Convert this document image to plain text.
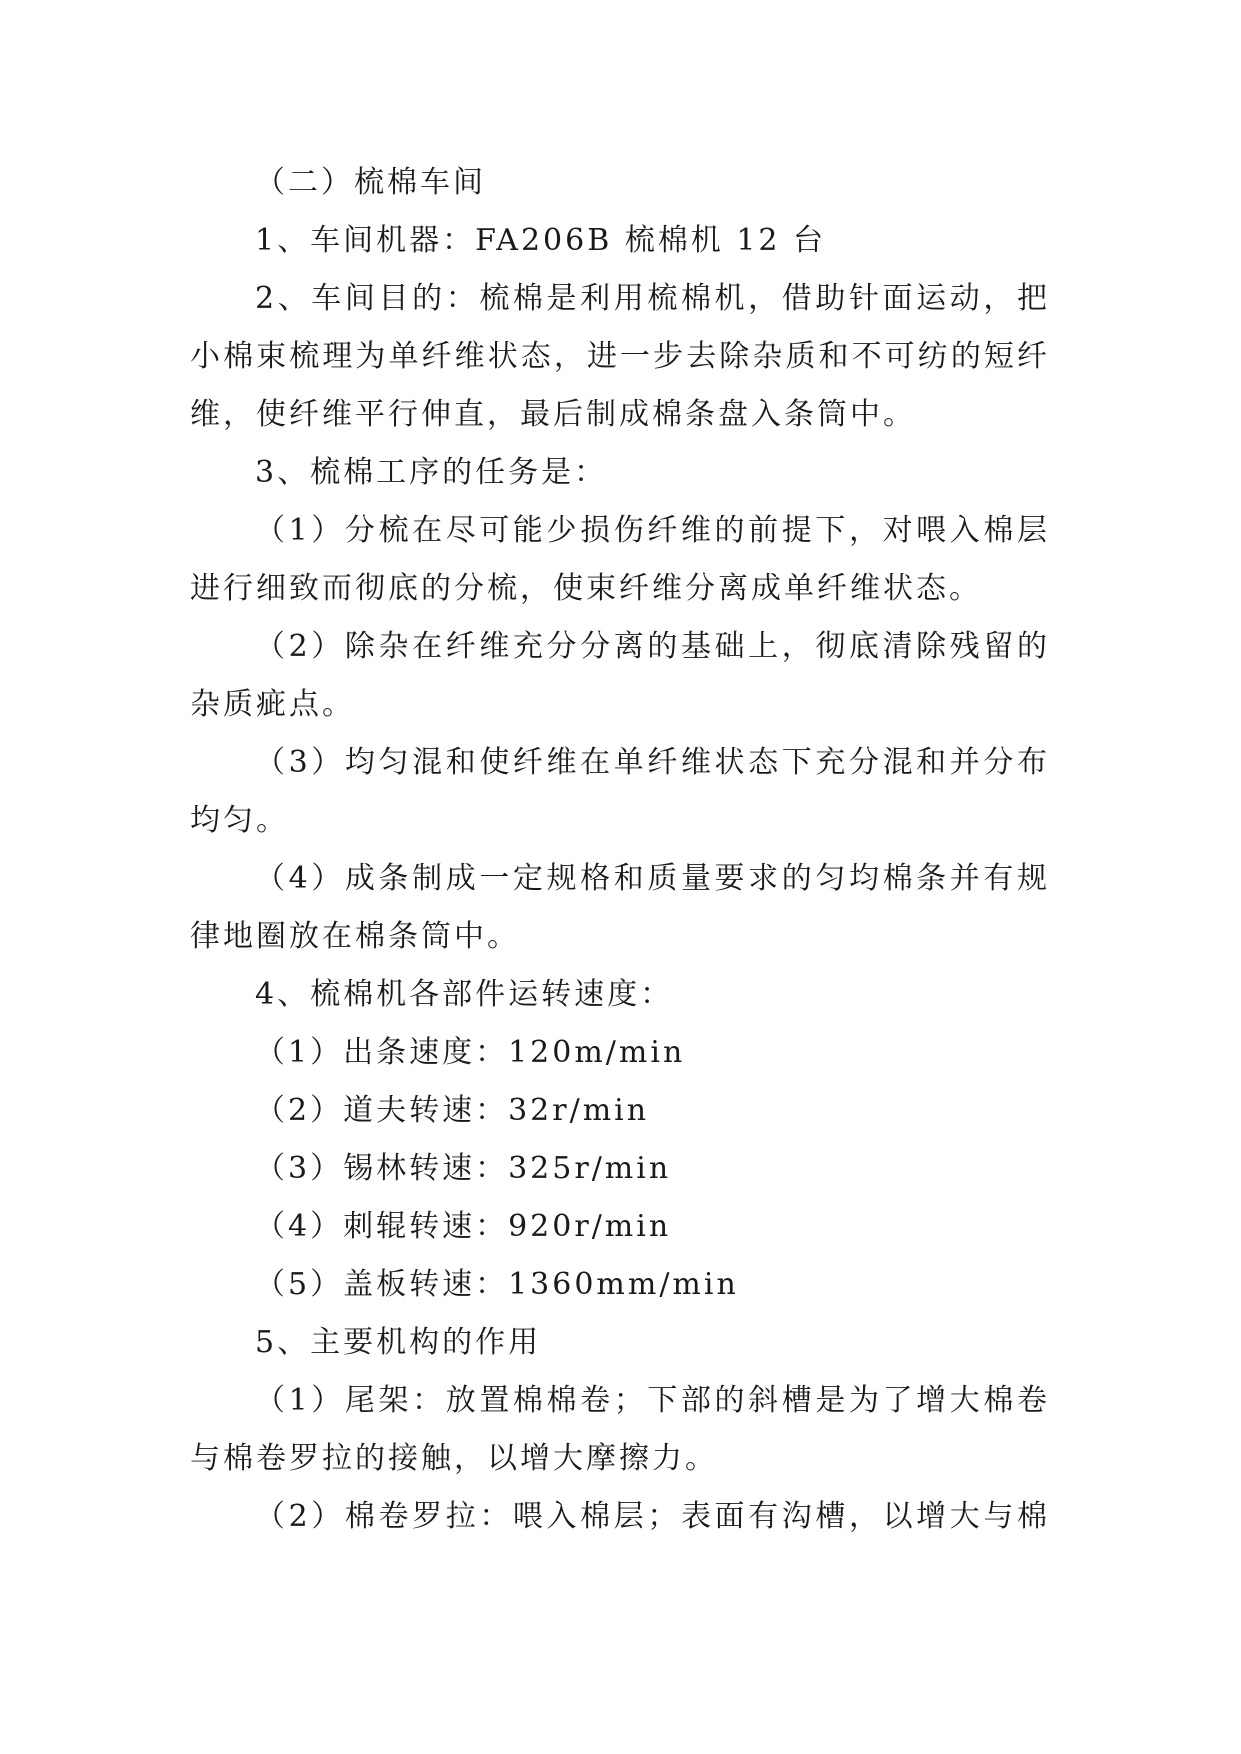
（二）梳棉车间
1、车间机器：FA206B 梳棉机 12 台
2、车间目的：梳棉是利用梳棉机，借助针面运动，把
小棉束梳理为单纤维状态，进一步去除杂质和不可纺的短纤
维，使纤维平行伸直，最后制成棉条盘入条筒中。
3、梳棉工序的任务是：
（1）分梳在尽可能少损伤纤维的前提下，对喂入棉层
进行细致而彻底的分梳，使束纤维分离成单纤维状态。
（2）除杂在纤维充分分离的基础上，彻底清除残留的
杂质疵点。
（3）均匀混和使纤维在单纤维状态下充分混和并分布
均匀。
（4）成条制成一定规格和质量要求的匀均棉条并有规
律地圈放在棉条筒中。
4、梳棉机各部件运转速度：
（1）出条速度：120m/min
（2）道夫转速：32r/min
（3）锡林转速：325r/min
（4）刺辊转速：920r/min
（5）盖板转速：1360mm/min
5、主要机构的作用
（1）尾架：放置棉棉卷；下部的斜槽是为了增大棉卷
与棉卷罗拉的接触，以增大摩擦力。
（2）棉卷罗拉：喂入棉层；表面有沟槽，以增大与棉
